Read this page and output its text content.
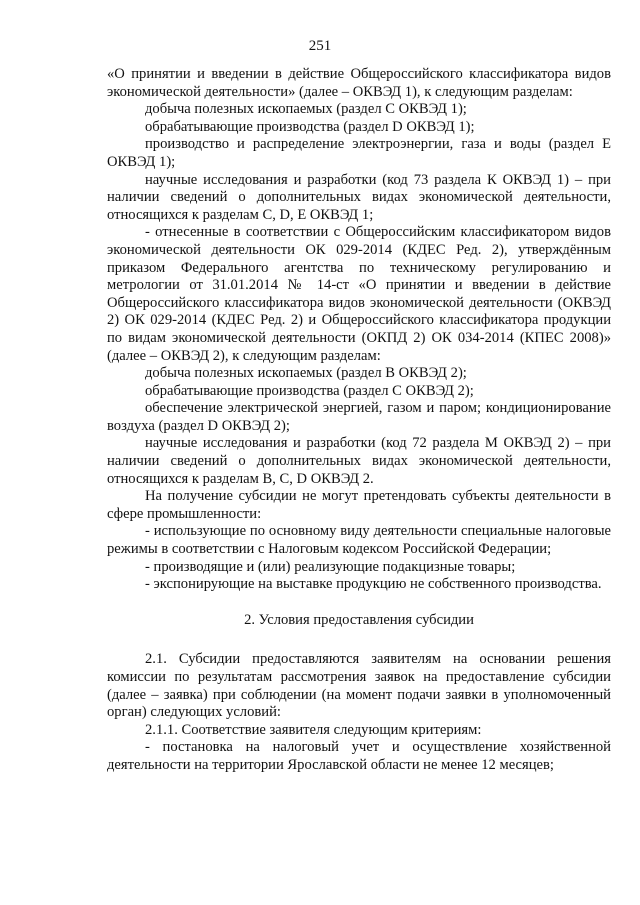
251

«О принятии и введении в действие Общероссийского классификатора видов экономической деятельности» (далее – ОКВЭД 1), к следующим разделам:

добыча полезных ископаемых (раздел С ОКВЭД 1);

обрабатывающие производства (раздел D ОКВЭД 1);

производство и распределение электроэнергии, газа и воды (раздел Е ОКВЭД 1);

научные исследования и разработки (код 73 раздела К ОКВЭД 1) – при наличии сведений о дополнительных видах экономической деятельности, относящихся к разделам С, D, Е ОКВЭД 1;

- отнесенные в соответствии с Общероссийским классификатором видов экономической деятельности ОК 029-2014 (КДЕС Ред. 2), утверждённым приказом Федерального агентства по техническому регулированию и метрологии от 31.01.2014 № 14-ст «О принятии и введении в действие Общероссийского классификатора видов экономической деятельности (ОКВЭД 2) ОК 029-2014 (КДЕС Ред. 2) и Общероссийского классификатора продукции по видам экономической деятельности (ОКПД 2) ОК 034-2014 (КПЕС 2008)» (далее – ОКВЭД 2), к следующим разделам:

добыча полезных ископаемых (раздел В ОКВЭД 2);

обрабатывающие производства (раздел С ОКВЭД 2);

обеспечение электрической энергией, газом и паром; кондиционирование воздуха (раздел D ОКВЭД 2);

научные исследования и разработки (код 72 раздела М ОКВЭД 2) – при наличии сведений о дополнительных видах экономической деятельности, относящихся к разделам В, С, D ОКВЭД 2.

На получение субсидии не могут претендовать субъекты деятельности в сфере промышленности:

- использующие по основному виду деятельности специальные налоговые режимы в соответствии с Налоговым кодексом Российской Федерации;

- производящие и (или) реализующие подакцизные товары;

- экспонирующие на выставке продукцию не собственного производства.

2. Условия предоставления субсидии

2.1. Субсидии предоставляются заявителям на основании решения комиссии по результатам рассмотрения заявок на предоставление субсидии (далее – заявка) при соблюдении (на момент подачи заявки в уполномоченный орган) следующих условий:

2.1.1. Соответствие заявителя следующим критериям:

- постановка на налоговый учет и осуществление хозяйственной деятельности на территории Ярославской области не менее 12 месяцев;
